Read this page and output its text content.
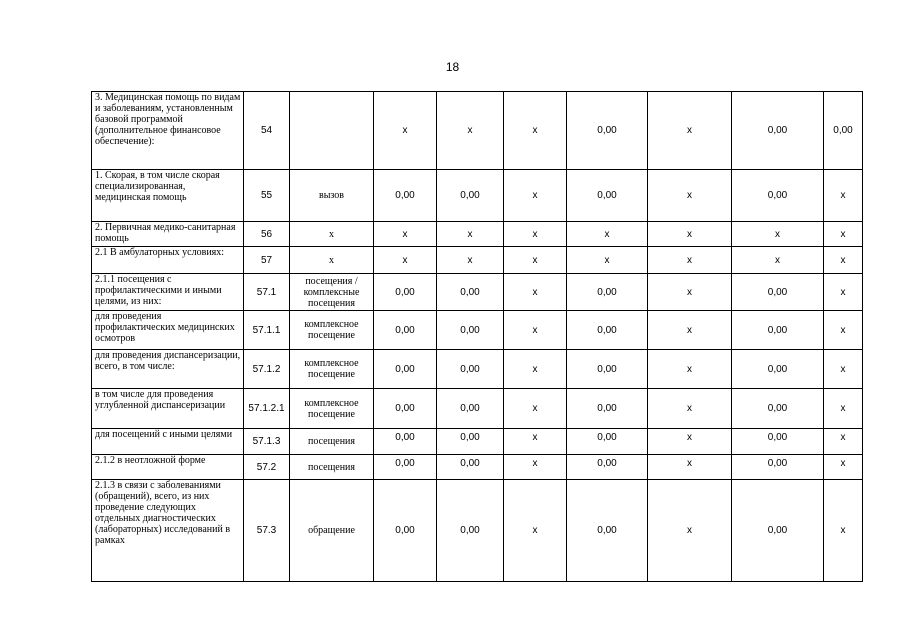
18
3. Медицинская помощь по видам и заболеваниям, установленным базовой программой (дополнительное финансовое обеспечение):	54		x	x	x	0,00	x	0,00	0,00
1. Скорая, в том числе скорая специализированная, медицинская помощь	55	вызов	0,00	0,00	x	0,00	x	0,00	x
2. Первичная медико-санитарная помощь	56	x	x	x	x	x	x	x	x
2.1 В амбулаторных условиях:	57	x	x	x	x	x	x	x	x
2.1.1 посещения с профилактическими и иными целями, из них:	57.1	посещения / комплексные посещения	0,00	0,00	x	0,00	x	0,00	x
для проведения профилактических медицинских осмотров	57.1.1	комплексное посещение	0,00	0,00	x	0,00	x	0,00	x
для проведения диспансеризации, всего, в том числе:	57.1.2	комплексное посещение	0,00	0,00	x	0,00	x	0,00	x
в том числе для проведения углубленной диспансеризации	57.1.2.1	комплексное посещение	0,00	0,00	x	0,00	x	0,00	x
для посещений с иными целями	57.1.3	посещения	0,00	0,00	x	0,00	x	0,00	x
2.1.2 в неотложной форме	57.2	посещения	0,00	0,00	x	0,00	x	0,00	x
2.1.3 в связи с заболеваниями (обращений), всего, из них проведение следующих отдельных диагностических (лабораторных) исследований в рамках	57.3	обращение	0,00	0,00	x	0,00	x	0,00	x
